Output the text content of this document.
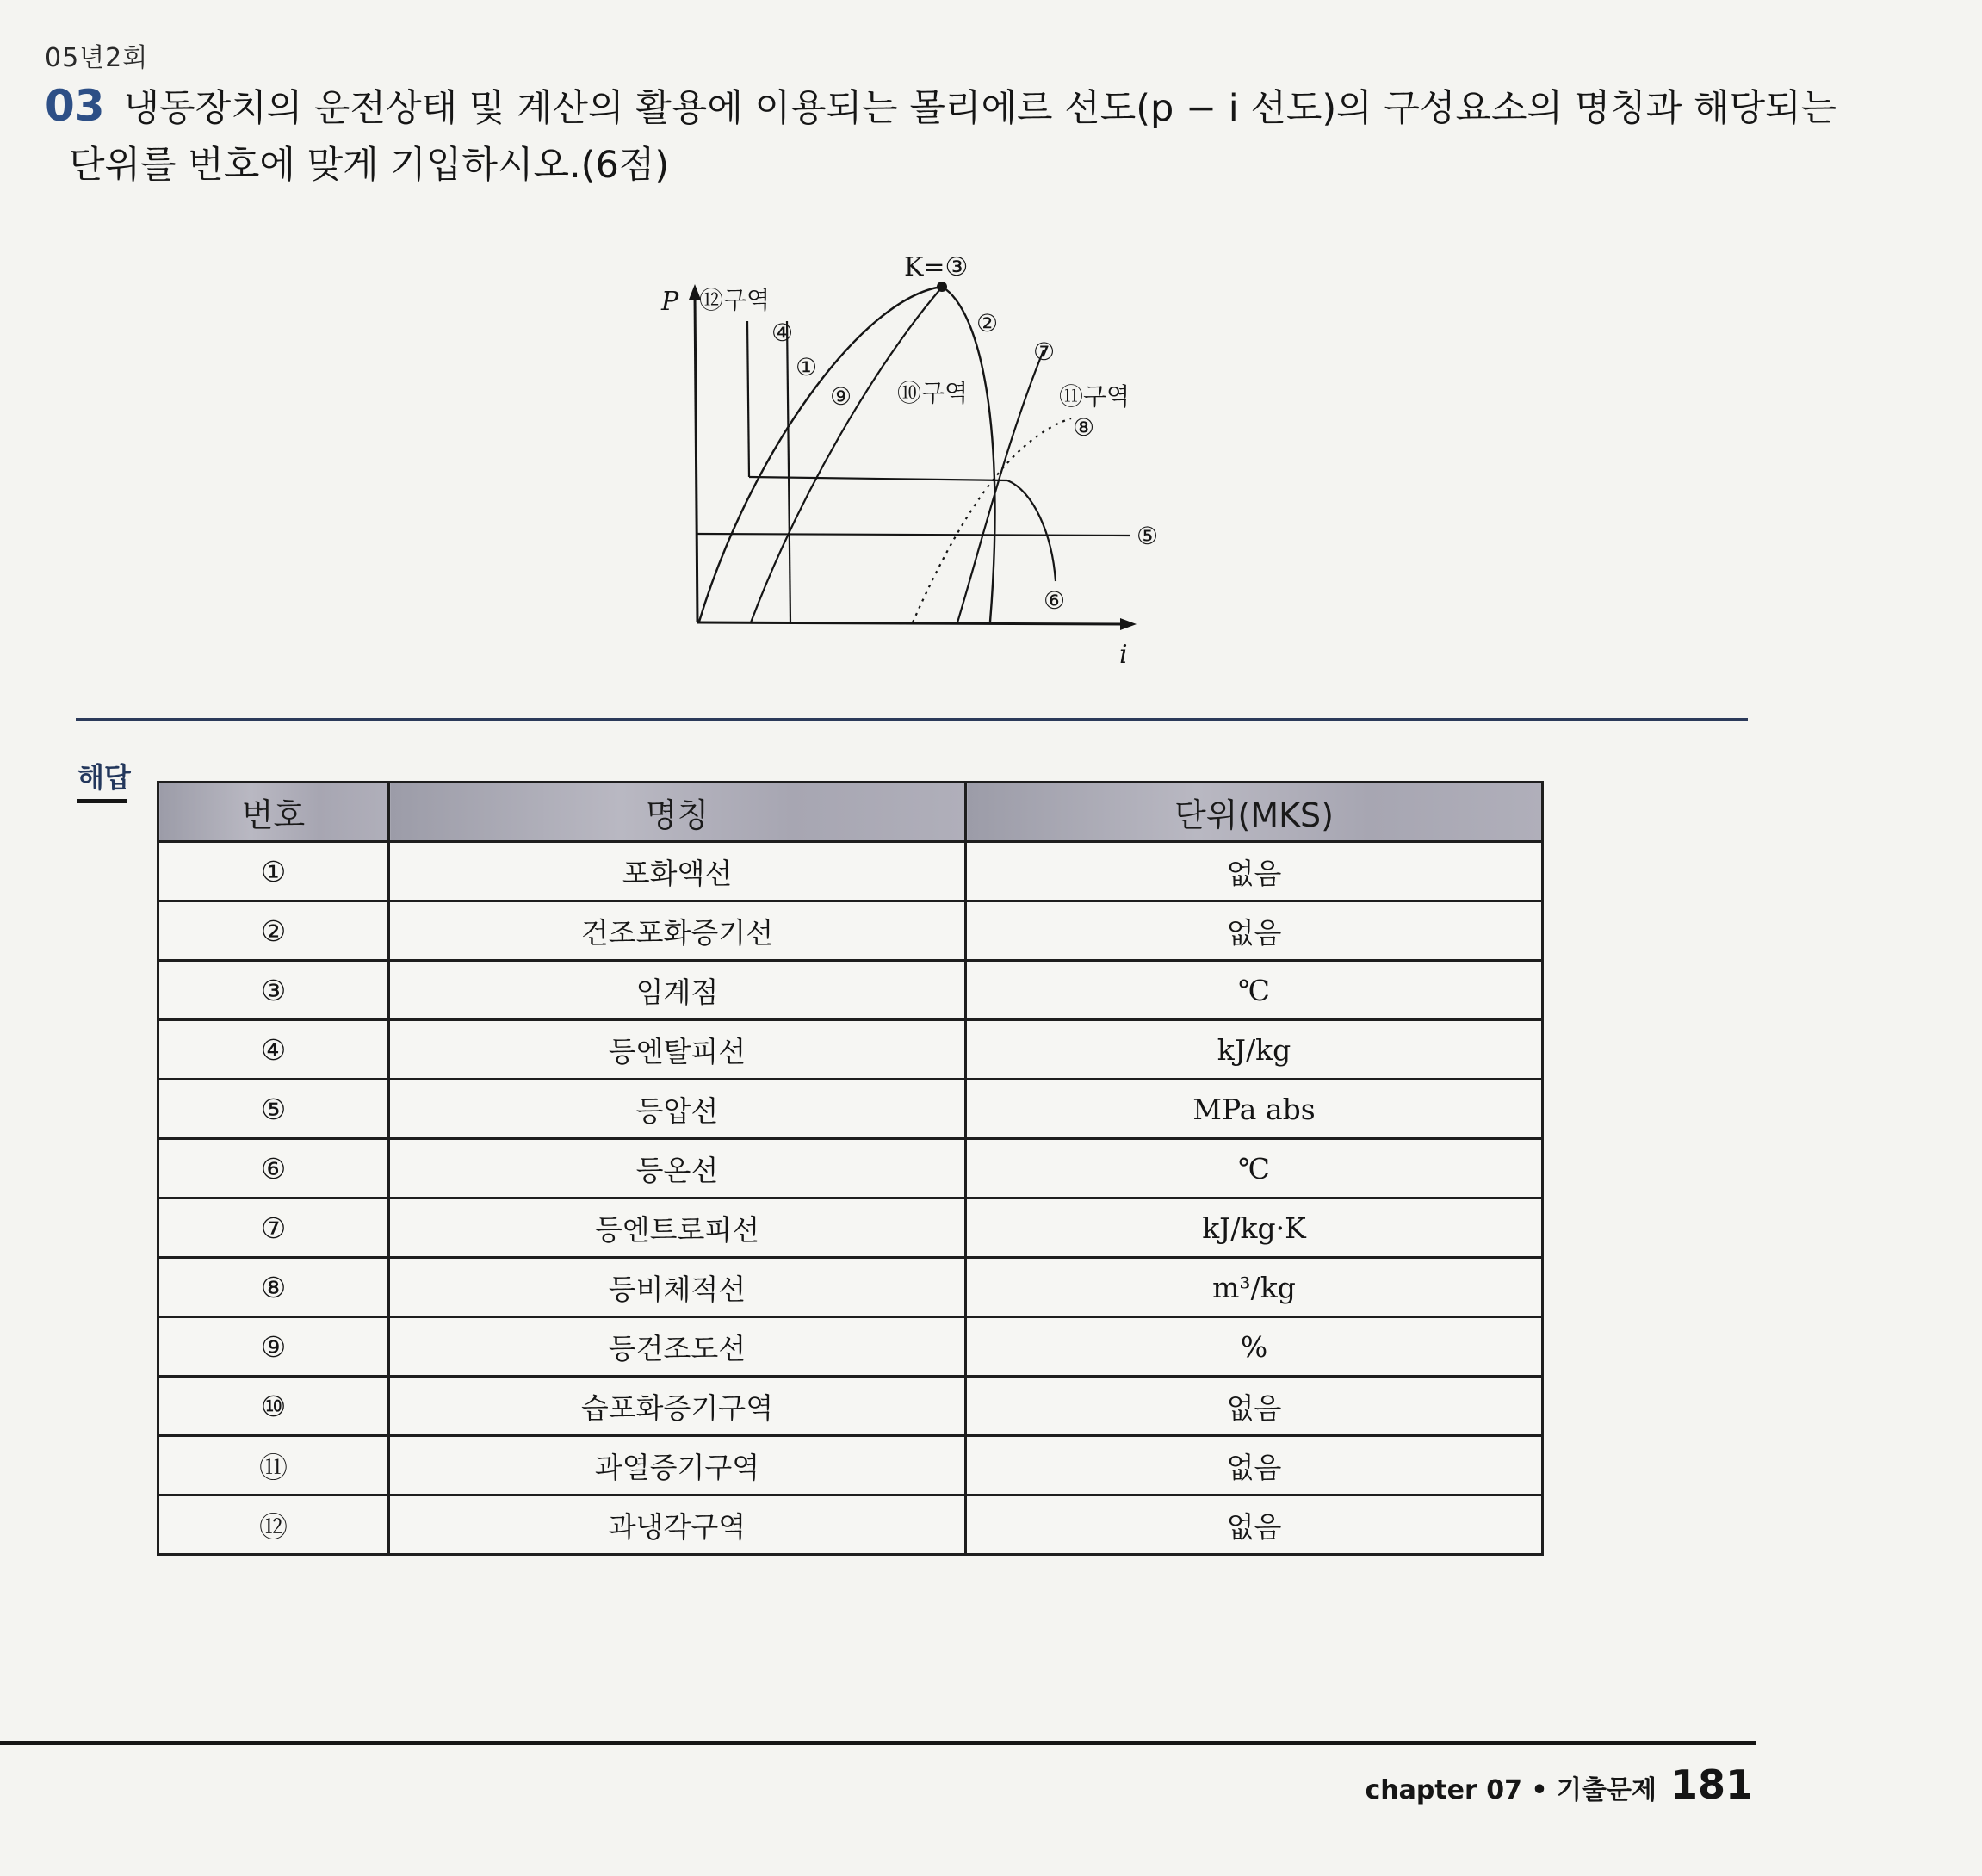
05년2회
03 냉동장치의 운전상태 및 계산의 활용에 이용되는 몰리에르 선도(p − i 선도)의 구성요소의 명칭과 해당되는
단위를 번호에 맞게 기입하시오.(6점)
P
i
K=③
⑫구역
④
①
⑨ ⑩구역
②
⑦
⑪구역
⑧
⑤
⑥
해답
번호	명칭	단위(MKS)
①	포화액선	없음
②	건조포화증기선	없음
③	임계점	℃
④	등엔탈피선	kJ/kg
⑤	등압선	MPa abs
⑥	등온선	℃
⑦	등엔트로피선	kJ/kg·K
⑧	등비체적선	m³/kg
⑨	등건조도선	%
⑩	습포화증기구역	없음
⑪	과열증기구역	없음
⑫	과냉각구역	없음
chapter 07 • 기출문제 181
